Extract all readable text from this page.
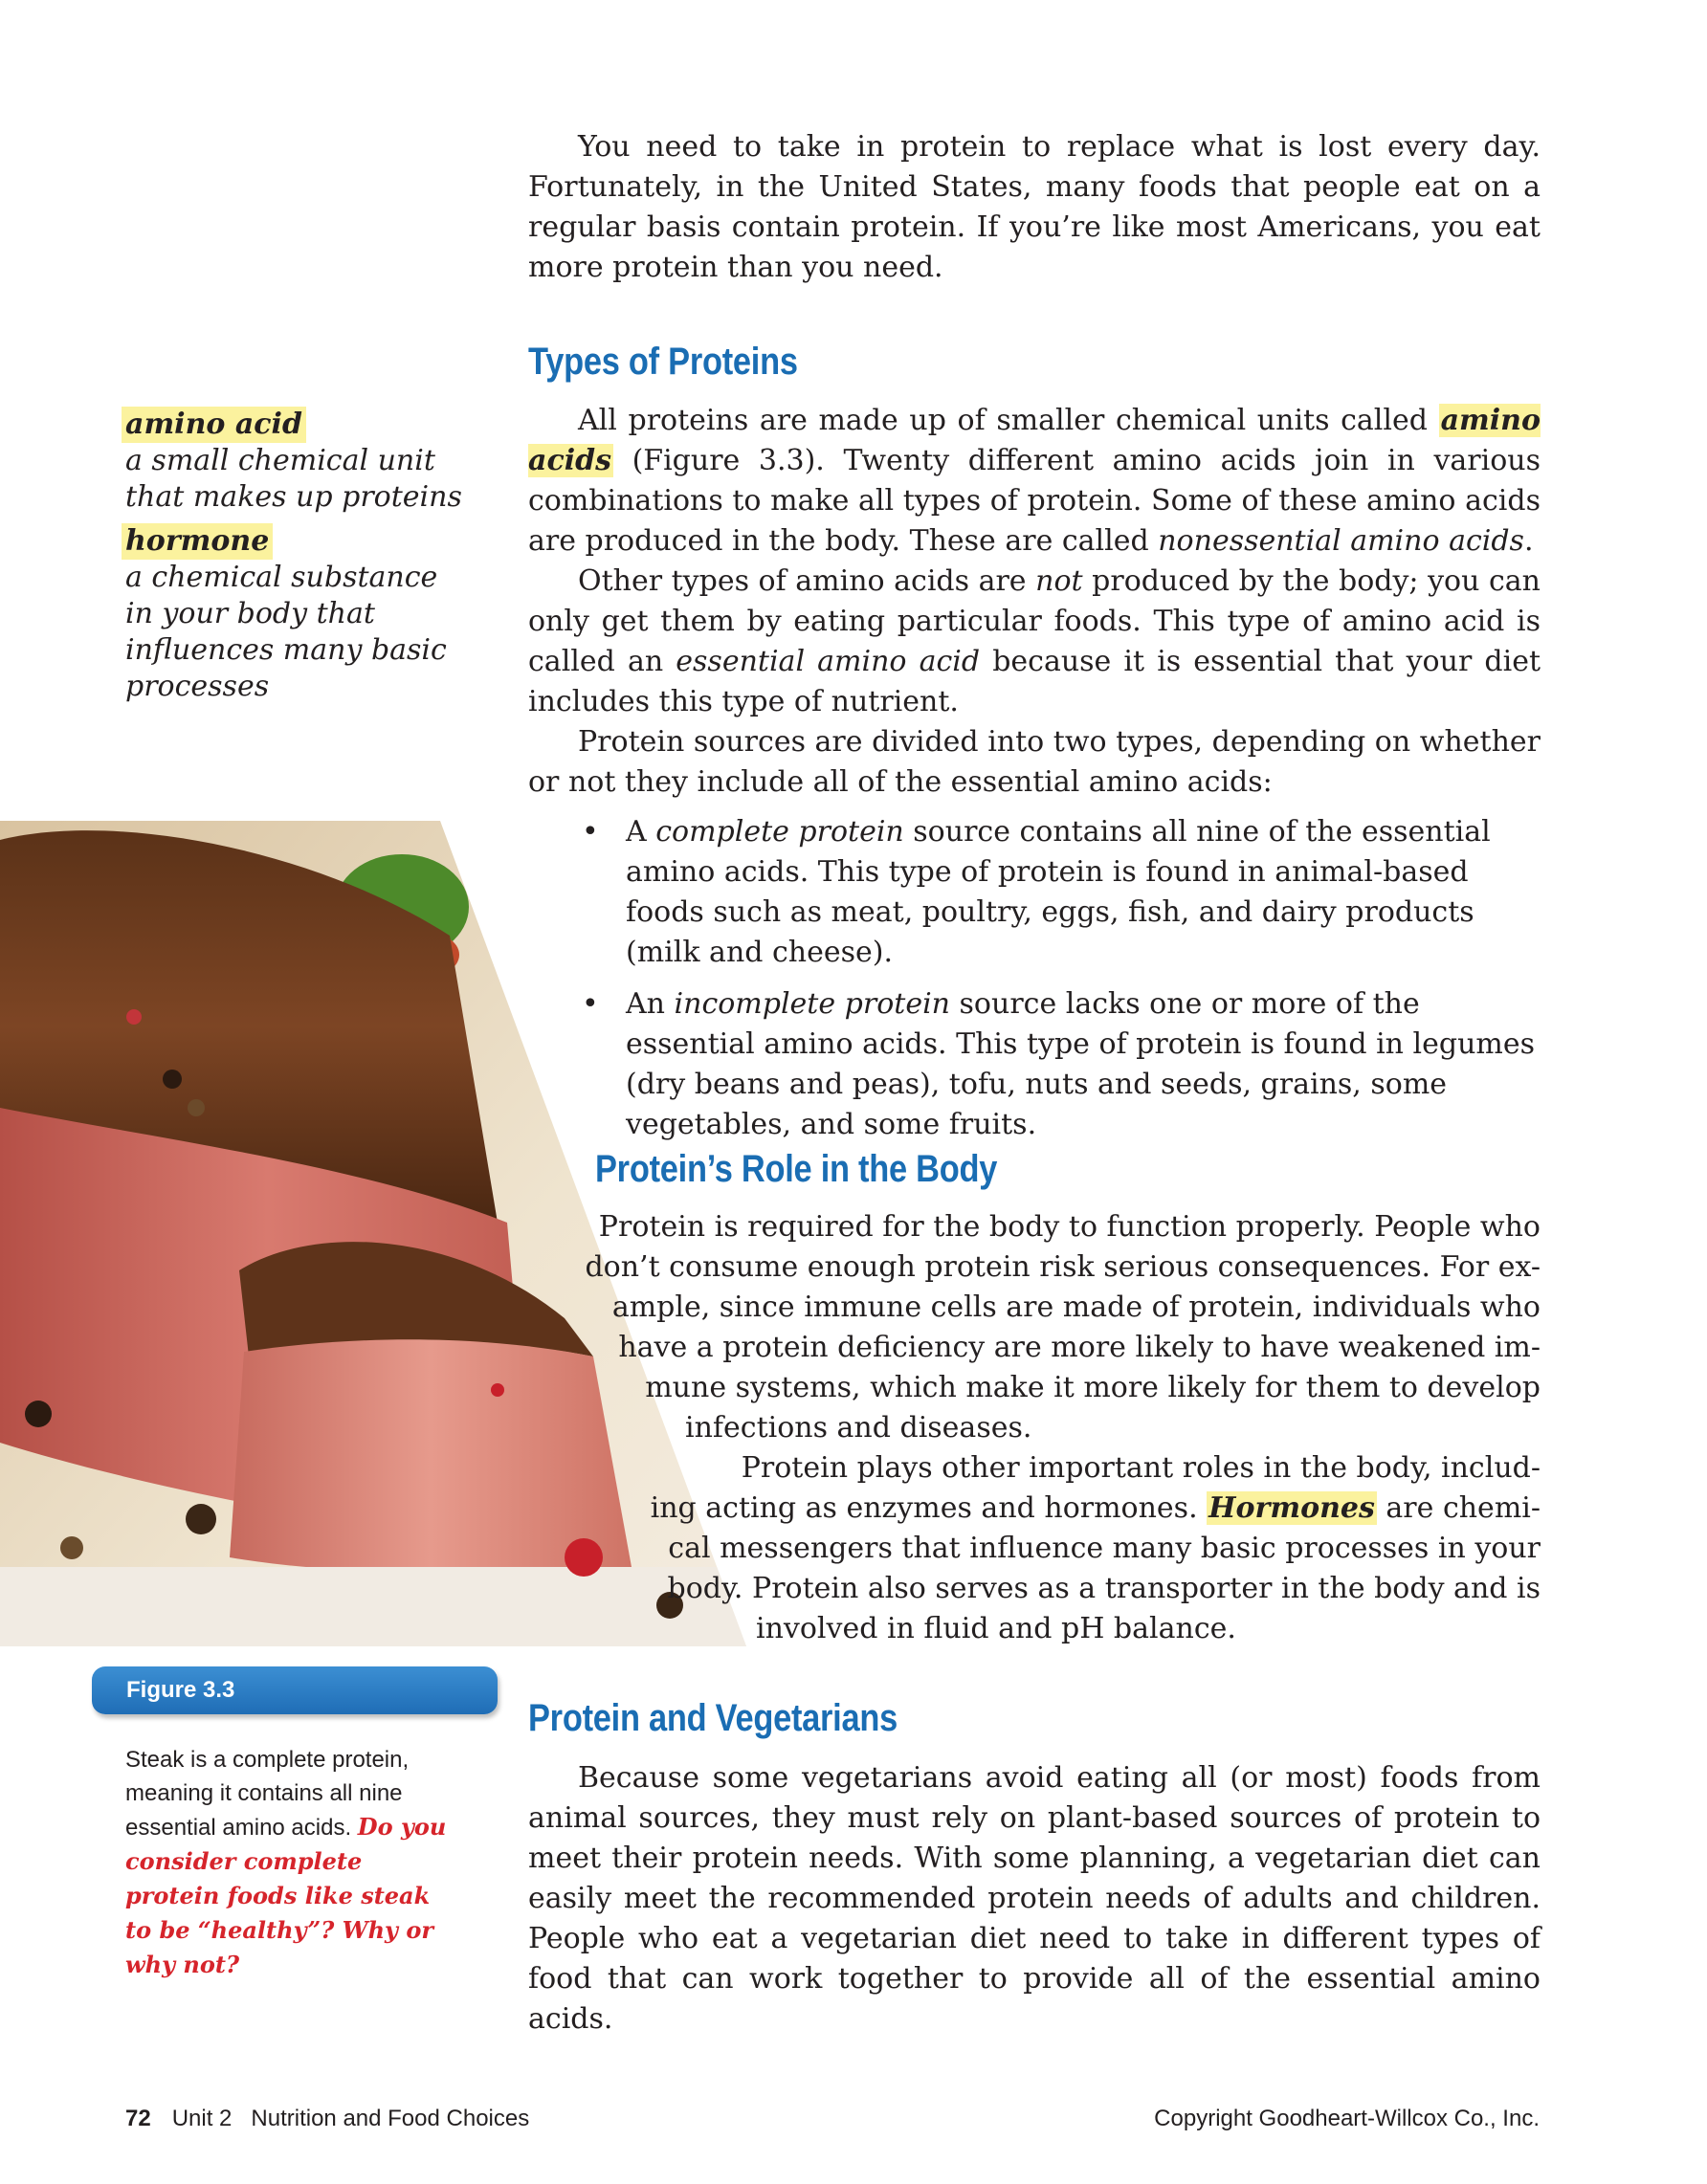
You need to take in protein to replace what is lost every day. Fortunately, in the United States, many foods that people eat on a regular basis contain protein. If you’re like most Americans, you eat more protein than you need.

Types of Proteins

All proteins are made up of smaller chemical units called amino acids (Figure 3.3). Twenty different amino acids join in various combinations to make all types of protein. Some of these amino acids are produced in the body. These are called nonessential amino acids.

Other types of amino acids are not produced by the body; you can only get them by eating particular foods. This type of amino acid is called an essential amino acid because it is essential that your diet includes this type of nutrient.

Protein sources are divided into two types, depending on whether or not they include all of the essential amino acids:

• A complete protein source contains all nine of the essential amino acids. This type of protein is found in animal-based foods such as meat, poultry, eggs, fish, and dairy products (milk and cheese).
• An incomplete protein source lacks one or more of the essential amino acids. This type of protein is found in legumes (dry beans and peas), tofu, nuts and seeds, grains, some vegetables, and some fruits.
Protein’s Role in the Body
Protein is required for the body to function properly. People who
don’t consume enough protein risk serious consequences. For ex-
ample, since immune cells are made of protein, individuals who
have a protein deficiency are more likely to have weakened im-
mune systems, which make it more likely for them to develop
infections and diseases.
Protein plays other important roles in the body, includ-
ing acting as enzymes and hormones. Hormones are chemi-
cal messengers that influence many basic processes in your
body. Protein also serves as a transporter in the body and is
involved in fluid and pH balance.
Protein and Vegetarians

Because some vegetarians avoid eating all (or most) foods from animal sources, they must rely on plant-based sources of protein to meet their protein needs. With some planning, a vegetarian diet can easily meet the recommended protein needs of adults and children. People who eat a vegetarian diet need to take in different types of food that can work together to provide all of the essential amino acids.

amino acid
a small chemical unit that makes up proteins
hormone
a chemical substance in your body that influences many basic processes
Figure 3.3
Steak is a complete protein, meaning it contains all nine essential amino acids. Do you consider complete protein foods like steak to be “healthy”? Why or why not?
72 Unit 2   Nutrition and Food Choices	Copyright Goodheart-Willcox Co., Inc.
